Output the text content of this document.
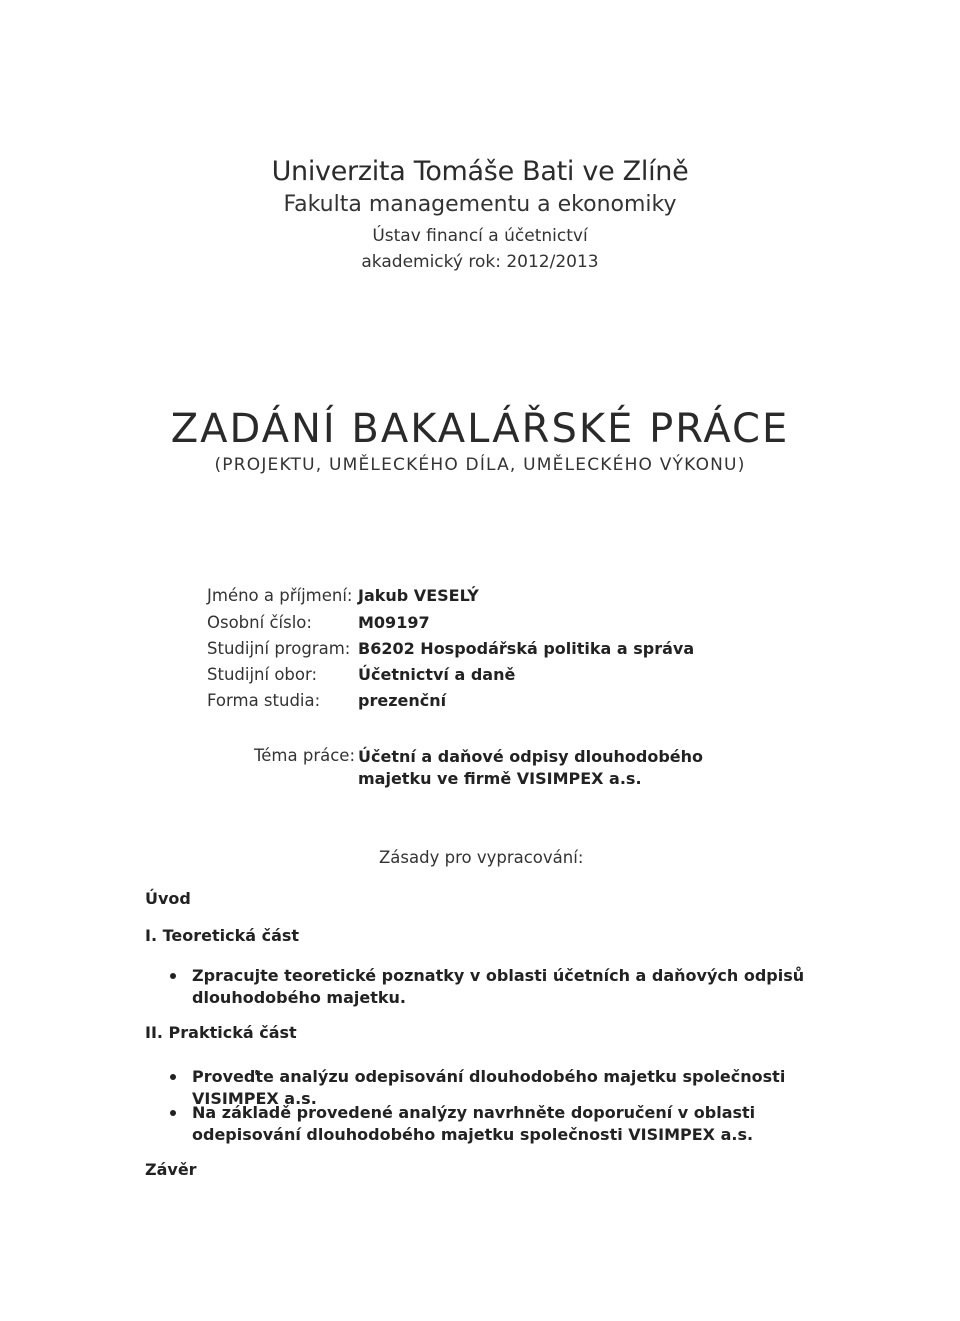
Univerzita Tomáše Bati ve Zlíně
Fakulta managementu a ekonomiky
Ústav financí a účetnictví
akademický rok: 2012/2013
ZADÁNÍ BAKALÁŘSKÉ PRÁCE
(PROJEKTU, UMĚLECKÉHO DÍLA, UMĚLECKÉHO VÝKONU)
Jméno a příjmení: Jakub VESELÝ
Osobní číslo:	M09197
Studijní program: B6202 Hospodářská politika a správa
Studijní obor:	Účetnictví a daně
Forma studia: prezenční
Téma práce: Účetní a daňové odpisy dlouhodobého majetku ve firmě VISIMPEX a.s.
Zásady pro vypracování:
Úvod
I. Teoretická část
Zpracujte teoretické poznatky v oblasti účetních a daňových odpisů dlouhodobého majetku.
II. Praktická část
Proveďte analýzu odepisování dlouhodobého majetku společnosti VISIMPEX a.s.
Na základě provedené analýzy navrhněte doporučení v oblasti odepisování dlouhodobého majetku společnosti VISIMPEX a.s.
Závěr
